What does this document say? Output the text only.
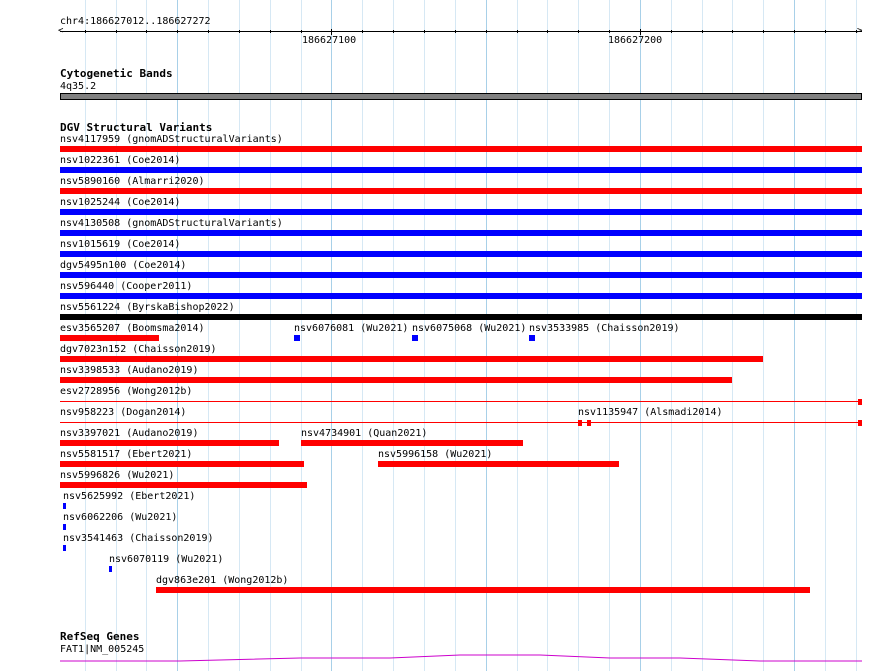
chr4:186627012..186627272
<	>
186627100	186627200
Cytogenetic Bands
4q35.2
DGV Structural Variants
nsv4117959 (gnomADStructuralVariants)
nsv1022361 (Coe2014)
nsv5890160 (Almarri2020)
nsv1025244 (Coe2014)
nsv4130508 (gnomADStructuralVariants)
nsv1015619 (Coe2014)
dgv5495n100 (Coe2014)
nsv596440 (Cooper2011)
nsv5561224 (ByrskaBishop2022)
esv3565207 (Boomsma2014)	nsv6076081 (Wu2021) nsv6075068 (Wu2021) nsv3533985 (Chaisson2019)
dgv7023n152 (Chaisson2019)
nsv3398533 (Audano2019)
esv2728956 (Wong2012b)
nsv958223 (Dogan2014)	nsv1135947 (Alsmadi2014)
nsv3397021 (Audano2019)	nsv4734901 (Quan2021)
nsv5581517 (Ebert2021)	nsv5996158 (Wu2021)
nsv5996826 (Wu2021)
nsv5625992 (Ebert2021)
nsv6062206 (Wu2021)
nsv3541463 (Chaisson2019)
nsv6070119 (Wu2021)
dgv863e201 (Wong2012b)
RefSeq Genes
FAT1|NM_005245
